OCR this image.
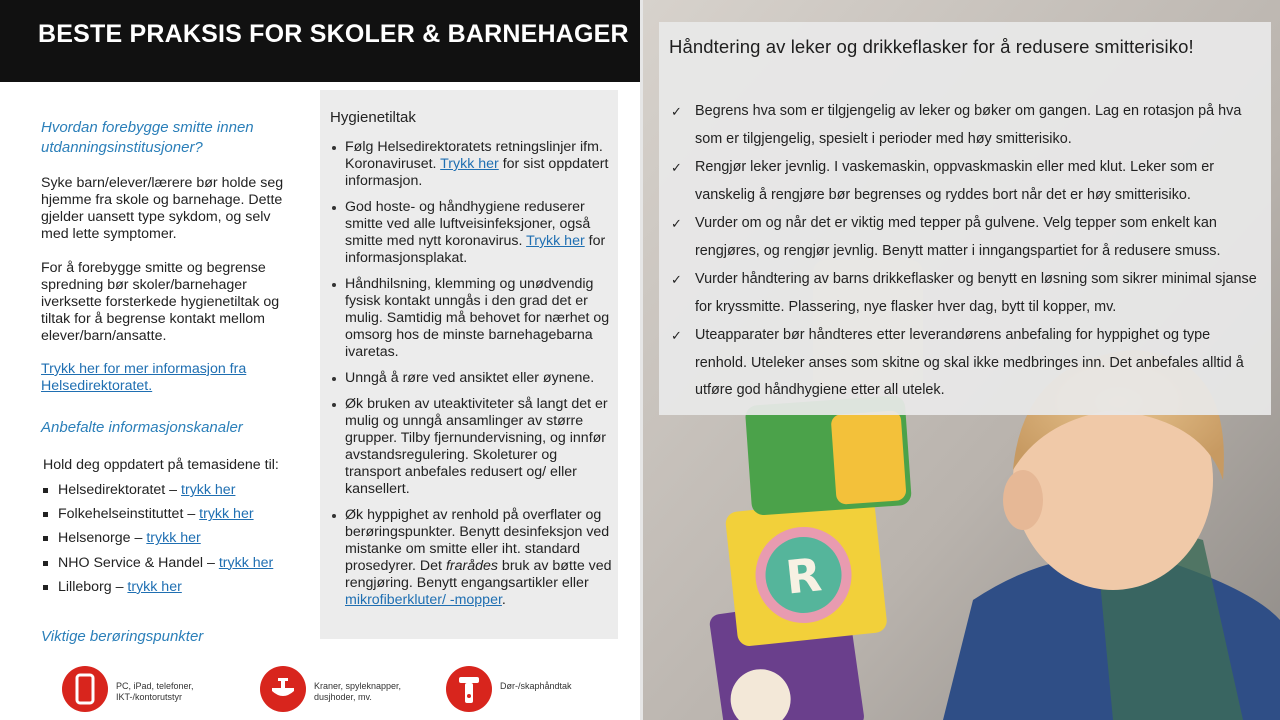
BESTE PRAKSIS FOR SKOLER & BARNEHAGER
Hvordan forebygge smitte innen utdanningsinstitusjoner?
Syke barn/elever/lærere bør holde seg hjemme fra skole og barnehage. Dette gjelder uansett type sykdom, og selv med lette symptomer.
For å forebygge smitte og begrense spredning bør skoler/barnehager iverksette forsterkede hygienetiltak og tiltak for å begrense kontakt mellom elever/barn/ansatte.
Trykk her for mer informasjon fra Helsedirektoratet.
Anbefalte informasjonskanaler
Hold deg oppdatert på temasidene til:
Helsedirektoratet – trykk her
Folkehelseinstituttet – trykk her
Helsenorge – trykk her
NHO Service & Handel – trykk her
Lilleborg – trykk her
Viktige berøringspunkter
Hygienetiltak
Følg Helsedirektoratets retningslinjer ifm. Koronaviruset. Trykk her for sist oppdatert informasjon.
God hoste- og håndhygiene reduserer smitte ved alle luftveisinfeksjoner, også smitte med nytt koronavirus. Trykk her for informasjonsplakat.
Håndhilsning, klemming og unødvendig fysisk kontakt unngås i den grad det er mulig. Samtidig må behovet for nærhet og omsorg hos de minste barnehagebarna ivaretas.
Unngå å røre ved ansiktet eller øynene.
Øk bruken av uteaktiviteter så langt det er mulig og unngå ansamlinger av større grupper. Tilby fjernundervisning, og innfør avstandsregulering. Skoleturer og transport anbefales redusert og/ eller kansellert.
Øk hyppighet av renhold på overflater og berøringspunkter. Benytt desinfeksjon ved mistanke om smitte eller iht. standard prosedyrer. Det frarådes bruk av bøtte ved rengjøring. Benytt engangsartikler eller mikrofiberkluter/ -mopper.
PC, iPad, telefoner, IKT-/kontorutstyr
Kraner, spyleknapper, dusjhoder, mv.
Dør-/skaphåndtak
R
Håndtering av leker og drikkeflasker for å redusere smitterisiko!
✓ Begrens hva som er tilgjengelig av leker og bøker om gangen. Lag en rotasjon på hva som er tilgjengelig, spesielt i perioder med høy smitterisiko.
✓ Rengjør leker jevnlig. I vaskemaskin, oppvaskmaskin eller med klut. Leker som er vanskelig å rengjøre bør begrenses og ryddes bort når det er høy smitterisiko.
✓ Vurder om og når det er viktig med tepper på gulvene. Velg tepper som enkelt kan rengjøres, og rengjør jevnlig. Benytt matter i inngangspartiet for å redusere smuss.
✓ Vurder håndtering av barns drikkeflasker og benytt en løsning som sikrer minimal sjanse for kryssmitte. Plassering, nye flasker hver dag, bytt til kopper, mv.
✓ Uteapparater bør håndteres etter leverandørens anbefaling for hyppighet og type renhold. Uteleker anses som skitne og skal ikke medbringes inn. Det anbefales alltid å utføre god håndhygiene etter all utelek.
